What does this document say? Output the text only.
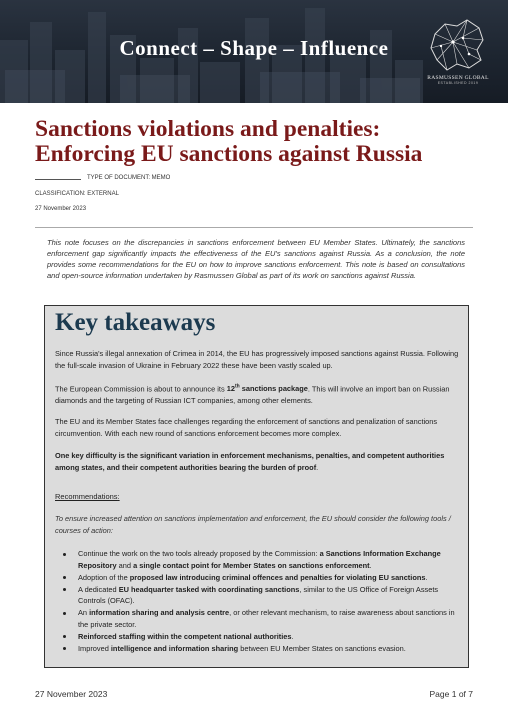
Connect – Shape – Influence
RASMUSSEN GLOBAL
ESTABLISHED 2019
Sanctions violations and penalties:
Enforcing EU sanctions against Russia
TYPE OF DOCUMENT: MEMO
CLASSIFICATION: EXTERNAL
27 November 2023
This note focuses on the discrepancies in sanctions enforcement between EU Member States. Ultimately, the sanctions enforcement gap significantly impacts the effectiveness of the EU's sanctions against Russia. As a conclusion, the note provides some recommendations for the EU on how to improve sanctions enforcement. This note is based on consultations and open-source information undertaken by Rasmussen Global as part of its work on sanctions against Russia.
Key takeaways
Since Russia's illegal annexation of Crimea in 2014, the EU has progressively imposed sanctions against Russia. Following the full-scale invasion of Ukraine in February 2022 these have been vastly scaled up.
The European Commission is about to announce its 12th sanctions package. This will involve an import ban on Russian diamonds and the targeting of Russian ICT companies, among other elements.
The EU and its Member States face challenges regarding the enforcement of sanctions and penalization of sanctions circumvention. With each new round of sanctions enforcement becomes more complex.
One key difficulty is the significant variation in enforcement mechanisms, penalties, and competent authorities among states, and their competent authorities bearing the burden of proof.
Recommendations:
To ensure increased attention on sanctions implementation and enforcement, the EU should consider the following tools / courses of action:
Continue the work on the two tools already proposed by the Commission: a Sanctions Information Exchange Repository and a single contact point for Member States on sanctions enforcement.
Adoption of the proposed law introducing criminal offences and penalties for violating EU sanctions.
A dedicated EU headquarter tasked with coordinating sanctions, similar to the US Office of Foreign Assets Controls (OFAC).
An information sharing and analysis centre, or other relevant mechanism, to raise awareness about sanctions in the private sector.
Reinforced staffing within the competent national authorities.
Improved intelligence and information sharing between EU Member States on sanctions evasion.
27 November 2023	Page 1 of 7
